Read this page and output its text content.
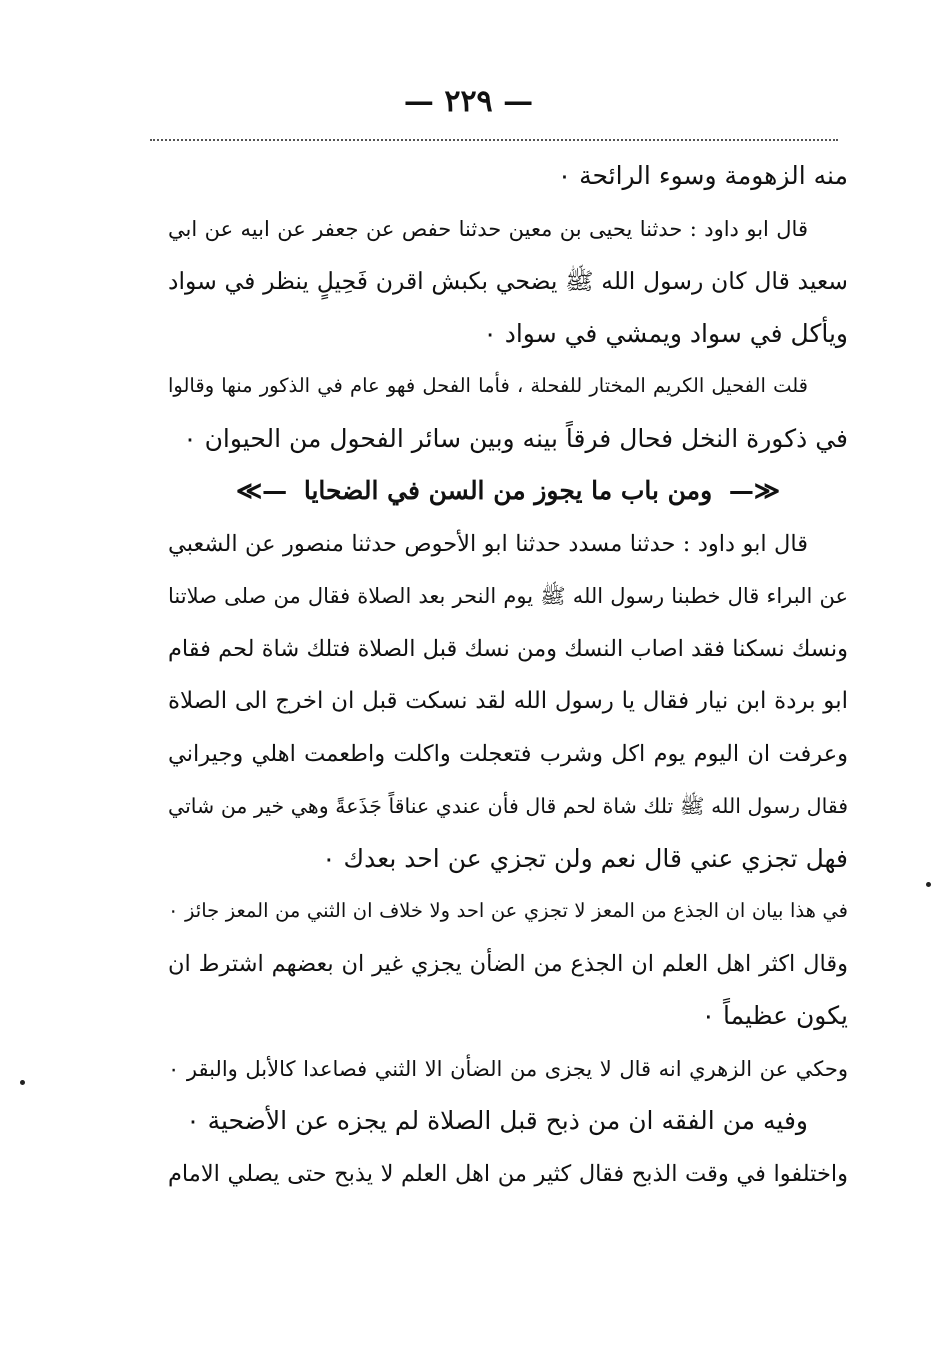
— ٢٢٩ —
منه الزهومة وسوء الرائحة ٠
قال ابو داود : حدثنا يحيى بن معين حدثنا حفص عن جعفر عن ابيه عن ابي
سعيد قال كان رسول الله ﷺ يضحي بكبش اقرن فَحِيلٍ ينظر في سواد
ويأكل في سواد ويمشي في سواد ٠
قلت الفحيل الكريم المختار للفحلة ، فأما الفحل فهو عام في الذكور منها وقالوا
في ذكورة النخل فحال فرقاً بينه وبين سائر الفحول من الحيوان ٠
≪— ومن باب ما يجوز من السن في الضحايا —≫
قال ابو داود : حدثنا مسدد حدثنا ابو الأحوص حدثنا منصور عن الشعبي
عن البراء قال خطبنا رسول الله ﷺ يوم النحر بعد الصلاة فقال من صلى صلاتنا
ونسك نسكنا فقد اصاب النسك ومن نسك قبل الصلاة فتلك شاة لحم فقام
ابو بردة ابن نيار فقال يا رسول الله لقد نسكت قبل ان اخرج الى الصلاة
وعرفت ان اليوم يوم اكل وشرب فتعجلت واكلت واطعمت اهلي وجيراني
فقال رسول الله ﷺ تلك شاة لحم قال فأن عندي عناقاً جَذَعةً وهي خير من شاتي
فهل تجزي عني قال نعم ولن تجزي عن احد بعدك ٠
في هذا بيان ان الجذع من المعز لا تجزي عن احد ولا خلاف ان الثني من المعز جائز ٠
وقال اكثر اهل العلم ان الجذع من الضأن يجزي غير ان بعضهم اشترط ان
يكون عظيماً ٠
وحكي عن الزهري انه قال لا يجزى من الضأن الا الثني فصاعدا كالأبل والبقر ٠
وفيه من الفقه ان من ذبح قبل الصلاة لم يجزه عن الأضحية ٠
واختلفوا في وقت الذبح فقال كثير من اهل العلم لا يذبح حتى يصلي الامام
